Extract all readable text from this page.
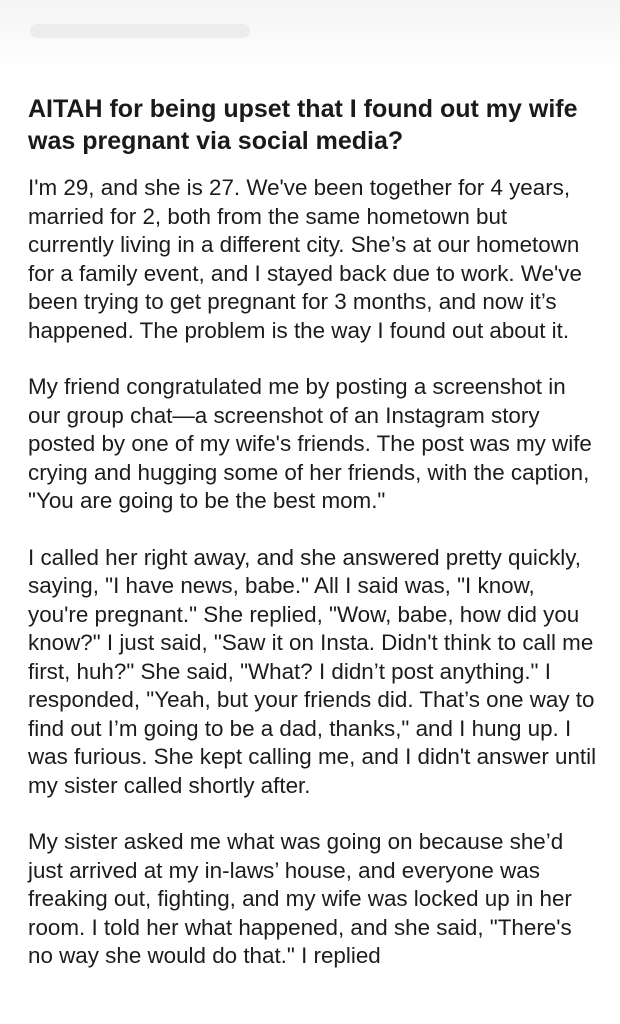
AITAH for being upset that I found out my wife was pregnant via social media?

I'm 29, and she is 27. We've been together for 4 years, married for 2, both from the same hometown but currently living in a different city. She’s at our hometown for a family event, and I stayed back due to work. We've been trying to get pregnant for 3 months, and now it’s happened. The problem is the way I found out about it.

My friend congratulated me by posting a screenshot in our group chat—a screenshot of an Instagram story posted by one of my wife's friends. The post was my wife crying and hugging some of her friends, with the caption, "You are going to be the best mom."

I called her right away, and she answered pretty quickly, saying, "I have news, babe." All I said was, "I know, you're pregnant." She replied, "Wow, babe, how did you know?" I just said, "Saw it on Insta. Didn't think to call me first, huh?" She said, "What? I didn’t post anything." I responded, "Yeah, but your friends did. That’s one way to find out I’m going to be a dad, thanks," and I hung up. I was furious. She kept calling me, and I didn't answer until my sister called shortly after.

My sister asked me what was going on because she’d just arrived at my in-laws’ house, and everyone was freaking out, fighting, and my wife was locked up in her room. I told her what happened, and she said, "There's no way she would do that." I replied
